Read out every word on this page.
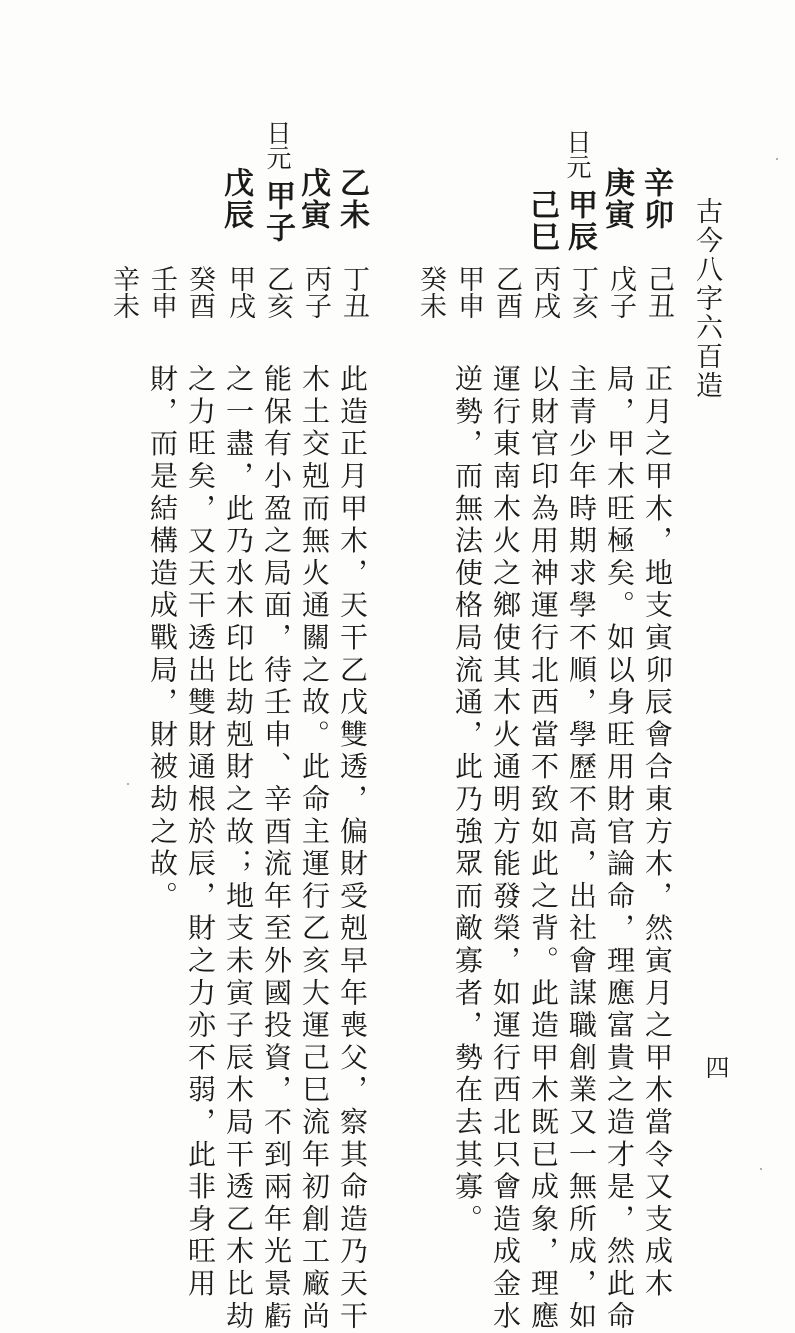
古今八字六百造
日元
辛卯
庚寅
甲辰
己巳
己丑
戊子
丁亥
丙戌
乙酉
甲申
癸未
正月之甲木，地支寅卯辰會合東方木，然寅月之甲木當令又支成木
局，甲木旺極矣。如以身旺用財官論命，理應富貴之造才是，然此命
主青少年時期求學不順，學歷不高，出社會謀職創業又一無所成，如
以財官印為用神運行北西當不致如此之背。此造甲木既已成象，理應
運行東南木火之鄉使其木火通明方能發榮，如運行西北只會造成金水
逆勢，而無法使格局流通，此乃強眾而敵寡者，勢在去其寡。
日元
乙未
戊寅
甲子
戊辰
丁丑
丙子
乙亥
甲戌
癸酉
壬申
辛未
此造正月甲木，天干乙戊雙透，偏財受剋早年喪父，察其命造乃天干
木土交剋而無火通關之故。此命主運行乙亥大運己巳流年初創工廠尚
能保有小盈之局面，待壬申、辛酉流年至外國投資，不到兩年光景虧
之一盡，此乃水木印比劫剋財之故；地支未寅子辰木局干透乙木比劫
之力旺矣，又天干透出雙財通根於辰，財之力亦不弱，此非身旺用
財，而是結構造成戰局，財被劫之故。
四
